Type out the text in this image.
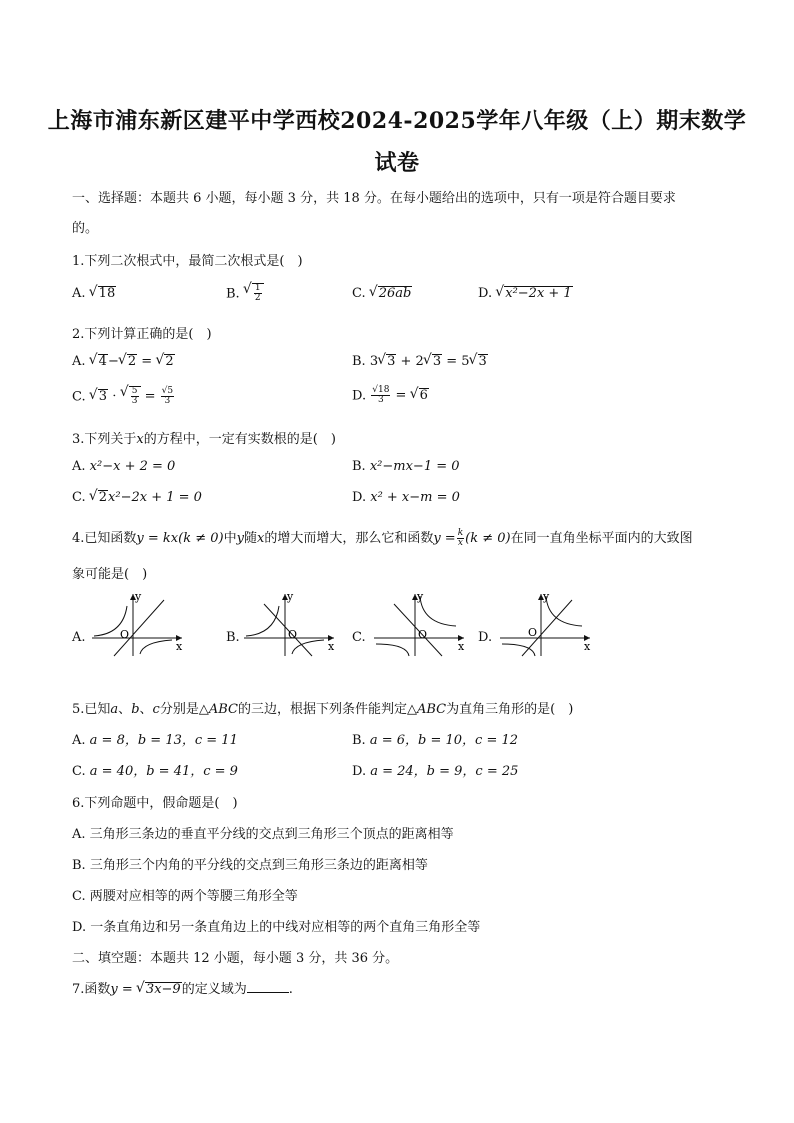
上海市浦东新区建平中学西校2024-2025学年八年级（上）期末数学
试卷
一、选择题：本题共 6 小题，每小题 3 分，共 18 分。在每小题给出的选项中，只有一项是符合题目要求
的。
1.下列二次根式中，最简二次根式是(　)
A. √ 18	B. √ $\frac{1}{2}$	C. √ 26ab	D. √ x²−2x + 1
2.下列计算正确的是(　)
A. √ 4− √ 2 = √ 2	B. 3 √ 3 + 2 √ 3 = 5 √ 3
C. √ 3 ⋅ √ $\frac{5}{3} = \frac{√5}{3}$	D. $\frac{√18}{3}$ = √ 6
3.下列关于x的方程中，一定有实数根的是(　)
A. x²−x + 2 = 0	B. x²−mx−1 = 0
C. √ 2x²−2x + 1 = 0	D. x² + x−m = 0
4.已知函数y = kx(k ≠ 0)中y随x的增大而增大，那么它和函数$y = \frac{k}{x} (k \ne 0)$在同一直角坐标平面内的大致图
象可能是(　)
A.	O
x
y
B.	O
x
y
C.	O
x
y
D.	O
x
y
5.已知a、b、c分别是△ABC的三边，根据下列条件能判定△ABC为直角三角形的是(　)
A. a = 8，b = 13，c = 11	B. a = 6，b = 10，c = 12
C. a = 40，b = 41，c = 9	D. a = 24，b = 9，c = 25
6.下列命题中，假命题是(　)
A. 三角形三条边的垂直平分线的交点到三角形三个顶点的距离相等
B. 三角形三个内角的平分线的交点到三角形三条边的距离相等
C. 两腰对应相等的两个等腰三角形全等
D. 一条直角边和另一条直角边上的中线对应相等的两个直角三角形全等
二、填空题：本题共 12 小题，每小题 3 分，共 36 分。
7.函数y = √ 3x−9的定义域为	.
